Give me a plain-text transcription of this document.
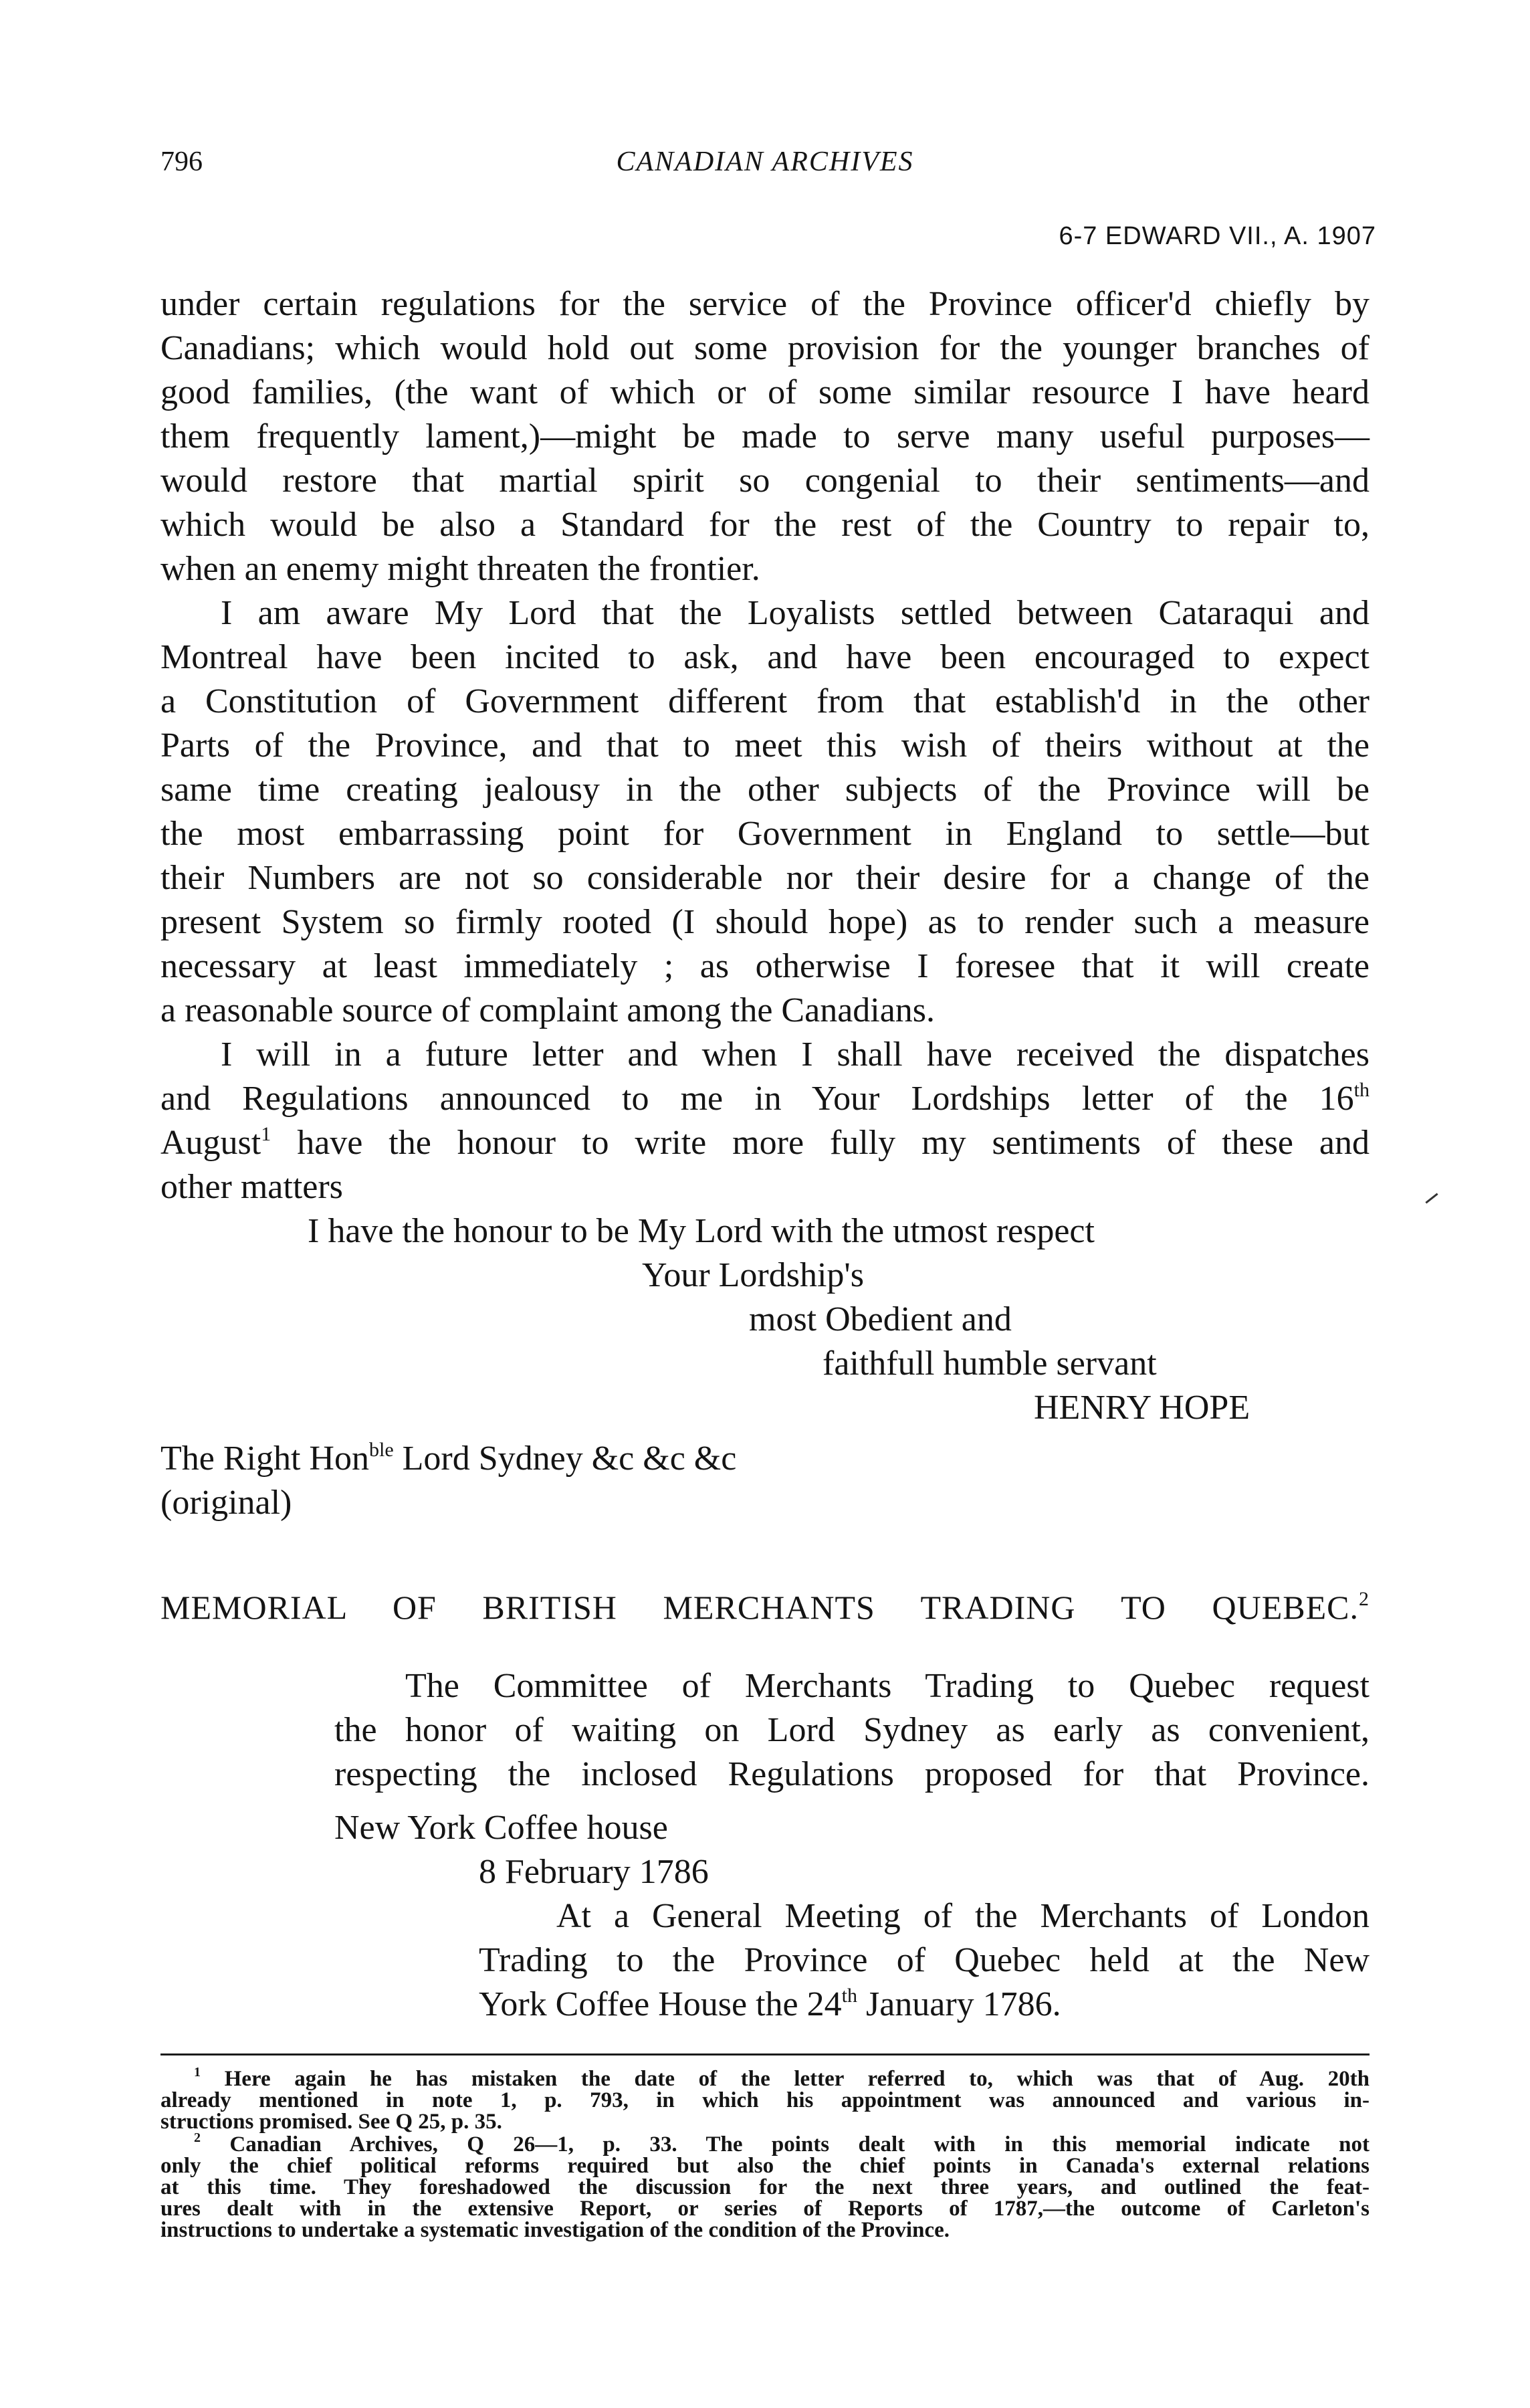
796	CANADIAN ARCHIVES
6-7 EDWARD VII., A. 1907
under certain regulations for the service of the Province officer'd chiefly by
Canadians; which would hold out some provision for the younger branches of
good families, (the want of which or of some similar resource I have heard
them frequently lament,)—might be made to serve many useful purposes—
would restore that martial spirit so congenial to their sentiments—and
which would be also a Standard for the rest of the Country to repair to,
when an enemy might threaten the frontier.
I am aware My Lord that the Loyalists settled between Cataraqui and
Montreal have been incited to ask, and have been encouraged to expect
a Constitution of Government different from that establish'd in the other
Parts of the Province, and that to meet this wish of theirs without at the
same time creating jealousy in the other subjects of the Province will be
the most embarrassing point for Government in England to settle—but
their Numbers are not so considerable nor their desire for a change of the
present System so firmly rooted (I should hope) as to render such a measure
necessary at least immediately ; as otherwise I foresee that it will create
a reasonable source of complaint among the Canadians.
I will in a future letter and when I shall have received the dispatches
and Regulations announced to me in Your Lordships letter of the 16th
August$^1$ have the honour to write more fully my sentiments of these and
other matters
I have the honour to be My Lord with the utmost respect
Your Lordship's
most Obedient and
faithfull humble servant
HENRY HOPE
The Right Hon$^{ble}$ Lord Sydney &c &c &c
(original)
MEMORIAL OF BRITISH MERCHANTS TRADING TO QUEBEC.$^2$
The Committee of Merchants Trading to Quebec request
the honor of waiting on Lord Sydney as early as convenient,
respecting the inclosed Regulations proposed for that Province.
New York Coffee house
8 February 1786
At a General Meeting of the Merchants of London
Trading to the Province of Quebec held at the New
York Coffee House the 24th January 1786.
$^1$ Here again he has mistaken the date of the letter referred to, which was that of Aug. 20th
already mentioned in note 1, p. 793, in which his appointment was announced and various in-
structions promised. See Q 25, p. 35.
$^2$ Canadian Archives, Q 26—1, p. 33. The points dealt with in this memorial indicate not
only the chief political reforms required but also the chief points in Canada's external relations
at this time. They foreshadowed the discussion for the next three years, and outlined the feat-
ures dealt with in the extensive Report, or series of Reports of 1787,—the outcome of Carleton's
instructions to undertake a systematic investigation of the condition of the Province.
